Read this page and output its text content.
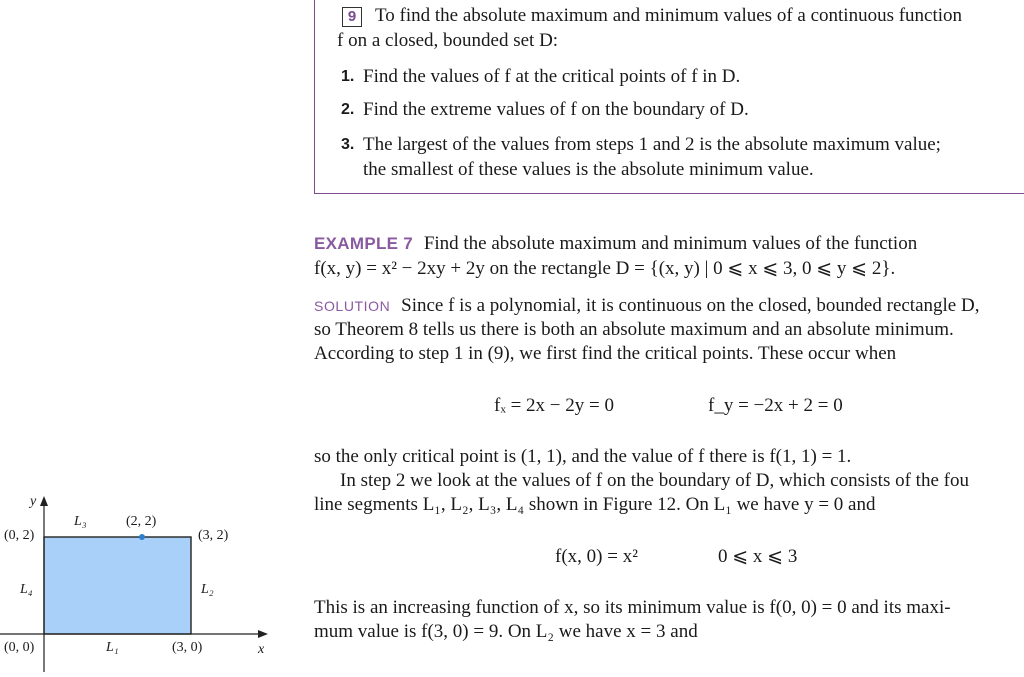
9 To find the absolute maximum and minimum values of a continuous function
f on a closed, bounded set D:
1. Find the values of f at the critical points of f in D.
2. Find the extreme values of f on the boundary of D.
3. The largest of the values from steps 1 and 2 is the absolute maximum value;
the smallest of these values is the absolute minimum value.
EXAMPLE 7 Find the absolute maximum and minimum values of the function
f(x, y) = x² − 2xy + 2y on the rectangle D = {(x, y) | 0 ⩽ x ⩽ 3, 0 ⩽ y ⩽ 2}.
SOLUTION Since f is a polynomial, it is continuous on the closed, bounded rectangle D,
so Theorem 8 tells us there is both an absolute maximum and an absolute minimum.
According to step 1 in (9), we first find the critical points. These occur when
fₓ = 2x − 2y = 0	f_y = −2x + 2 = 0
so the only critical point is (1, 1), and the value of f there is f(1, 1) = 1.
In step 2 we look at the values of f on the boundary of D, which consists of the fou
line segments L₁, L₂, L₃, L₄ shown in Figure 12. On L₁ we have y = 0 and
f(x, 0) = x²	0 ⩽ x ⩽ 3
This is an increasing function of x, so its minimum value is f(0, 0) = 0 and its maxi-
mum value is f(3, 0) = 9. On L₂ we have x = 3 and
y
x
(0, 2)
(0, 0)
(3, 2)
(3, 0)
(2, 2)
L₃
L₁
L₂
L₄
